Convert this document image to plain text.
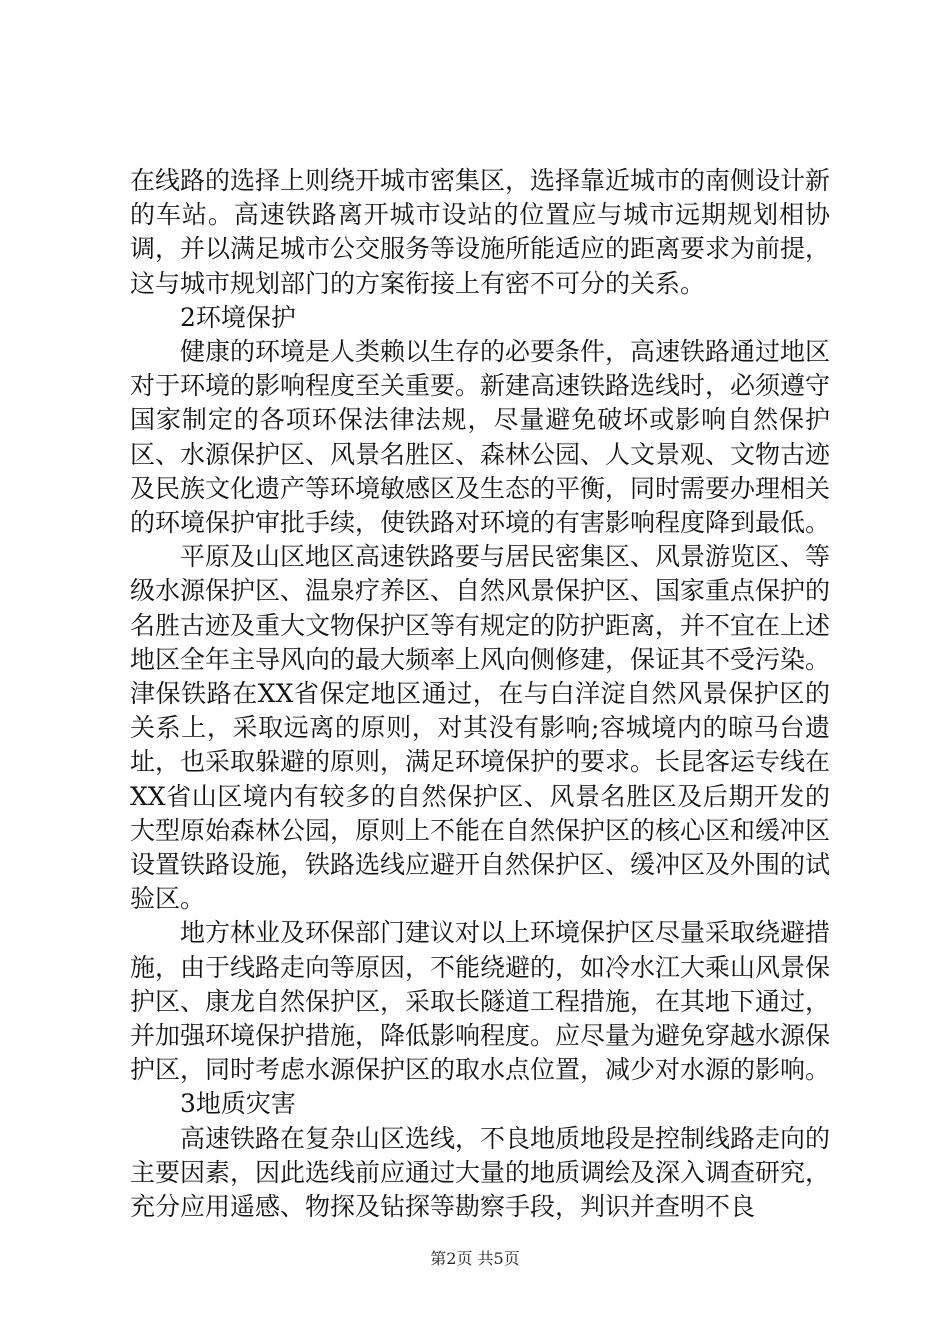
在线路的选择上则绕开城市密集区，选择靠近城市的南侧设计新的车站。高速铁路离开城市设站的位置应与城市远期规划相协调，并以满足城市公交服务等设施所能适应的距离要求为前提，这与城市规划部门的方案衔接上有密不可分的关系。

2环境保护

健康的环境是人类赖以生存的必要条件，高速铁路通过地区对于环境的影响程度至关重要。新建高速铁路选线时，必须遵守国家制定的各项环保法律法规，尽量避免破坏或影响自然保护区、水源保护区、风景名胜区、森林公园、人文景观、文物古迹及民族文化遗产等环境敏感区及生态的平衡，同时需要办理相关的环境保护审批手续，使铁路对环境的有害影响程度降到最低。

平原及山区地区高速铁路要与居民密集区、风景游览区、等级水源保护区、温泉疗养区、自然风景保护区、国家重点保护的名胜古迹及重大文物保护区等有规定的防护距离，并不宜在上述地区全年主导风向的最大频率上风向侧修建，保证其不受污染。津保铁路在XX省保定地区通过，在与白洋淀自然风景保护区的关系上，采取远离的原则，对其没有影响;容城境内的晾马台遗址，也采取躲避的原则，满足环境保护的要求。长昆客运专线在XX省山区境内有较多的自然保护区、风景名胜区及后期开发的大型原始森林公园，原则上不能在自然保护区的核心区和缓冲区设置铁路设施，铁路选线应避开自然保护区、缓冲区及外围的试验区。

地方林业及环保部门建议对以上环境保护区尽量采取绕避措施，由于线路走向等原因，不能绕避的，如冷水江大乘山风景保护区、康龙自然保护区，采取长隧道工程措施，在其地下通过，并加强环境保护措施，降低影响程度。应尽量为避免穿越水源保护区，同时考虑水源保护区的取水点位置，减少对水源的影响。

3地质灾害

高速铁路在复杂山区选线，不良地质地段是控制线路走向的主要因素，因此选线前应通过大量的地质调绘及深入调查研究，充分应用遥感、物探及钻探等勘察手段，判识并查明不良

第2页 共5页
